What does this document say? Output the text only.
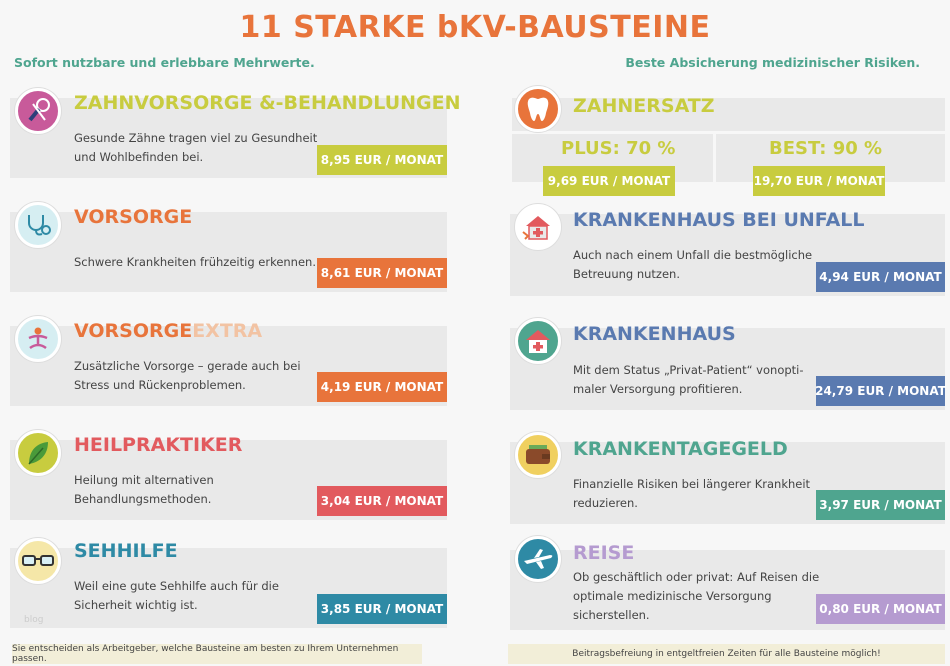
11 STARKE bKV-BAUSTEINE
Sofort nutzbare und erlebbare Mehrwerte.	Beste Absicherung medizinischer Risiken.
ZAHNVORSORGE &-BEHANDLUNGEN
Gesunde Zähne tragen viel zu Gesundheit
und Wohlbefinden bei.	8,95 EUR / MONAT
VORSORGE
Schwere Krankheiten frühzeitig erkennen.
8,61 EUR / MONAT
VORSORGEEXTRA
Zusätzliche Vorsorge – gerade auch bei
Stress und Rückenproblemen.	4,19 EUR / MONAT
HEILPRAKTIKER
Heilung mit alternativen
Behandlungsmethoden.	3,04 EUR / MONAT
SEHHILFE
Weil eine gute Sehhilfe auch für die
Sicherheit wichtig ist.	3,85 EUR / MONAT
blog
ZAHNERSATZ
PLUS: 70 %	BEST: 90 %
9,69 EUR / MONAT	19,70 EUR / MONAT
KRANKENHAUS BEI UNFALL
Auch nach einem Unfall die bestmögliche
Betreuung nutzen.	4,94 EUR / MONAT
KRANKENHAUS
Mit dem Status „Privat-Patient“ vonopti-
maler Versorgung profitieren.	24,79 EUR / MONAT
KRANKENTAGEGELD
Finanzielle Risiken bei längerer Krankheit
reduzieren.	3,97 EUR / MONAT
REISE
Ob geschäftlich oder privat: Auf Reisen die
optimale medizinische Versorgung
sicherstellen.	0,80 EUR / MONAT
Sie entscheiden als Arbeitgeber, welche Bausteine am besten zu Ihrem Unternehmen passen.	Beitragsbefreiung in entgeltfreien Zeiten für alle Bausteine möglich!
